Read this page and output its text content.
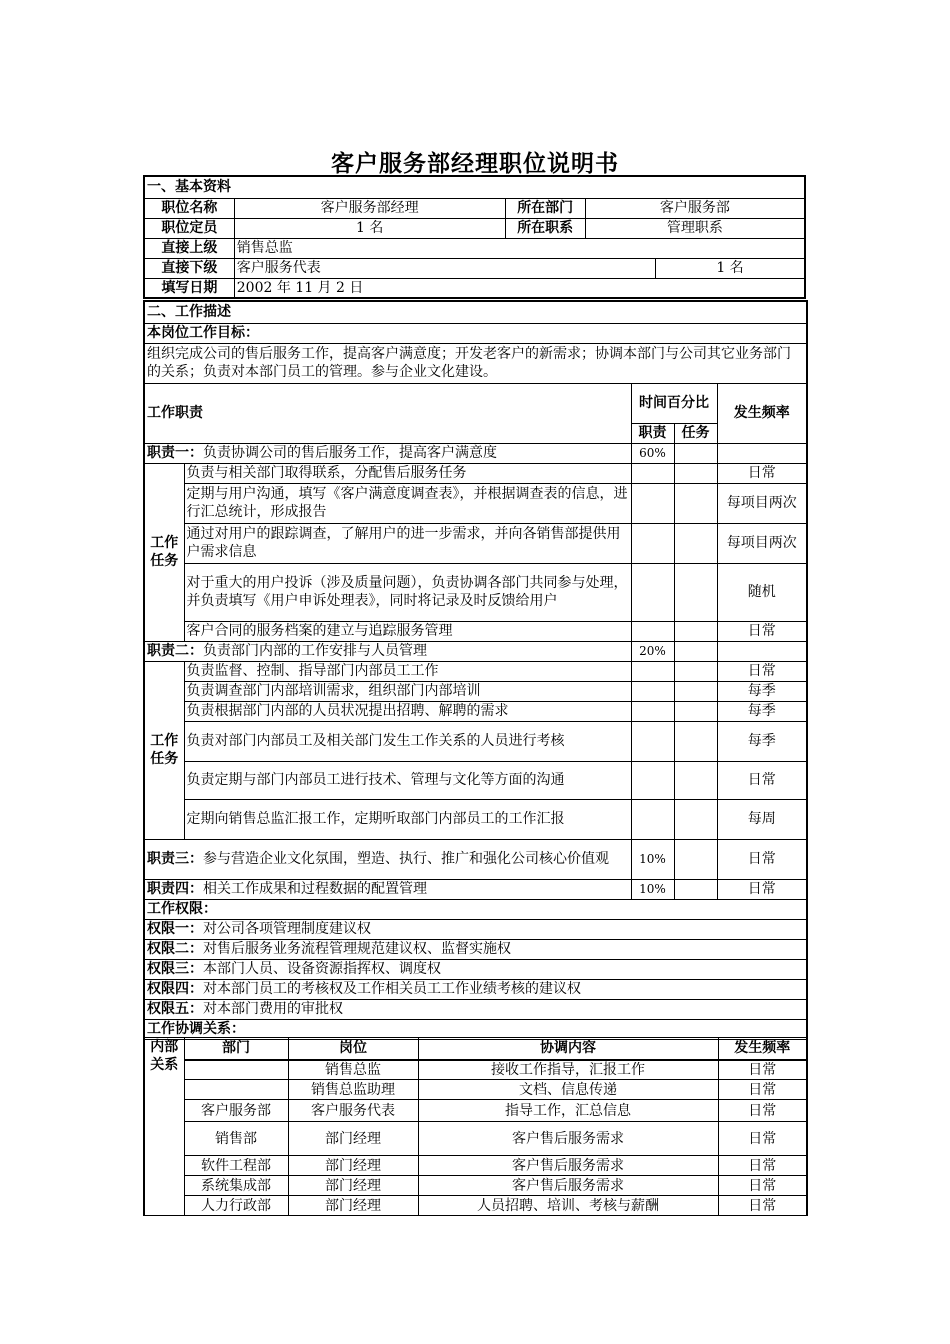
客户服务部经理职位说明书
一、基本资料				
职位名称	客户服务部经理	所在部门	客户服务部	
职位定员	1 名	所在职系	管理职系	
直接上级	销售总监			
直接下级	客户服务代表			1 名
填写日期	2002 年 11 月 2 日			
二、工作描述				
本岗位工作目标：				
组织完成公司的售后服务工作，提高客户满意度；开发老客户的新需求；协调本部门与公司其它业务部门的关系；负责对本部门员工的管理。参与企业文化建设。				
工作职责		时间百分比		发生频率
		职责	任务	
职责一：负责协调公司的售后服务工作，提高客户满意度		60%		
工作任务	负责与相关部门取得联系，分配售后服务任务			日常
	定期与用户沟通，填写《客户满意度调查表》，并根据调查表的信息，进行汇总统计，形成报告			每项目两次
	通过对用户的跟踪调查，了解用户的进一步需求，并向各销售部提供用户需求信息			每项目两次
	对于重大的用户投诉（涉及质量问题），负责协调各部门共同参与处理，并负责填写《用户申诉处理表》，同时将记录及时反馈给用户			随机
	客户合同的服务档案的建立与追踪服务管理			日常
职责二：负责部门内部的工作安排与人员管理		20%		
工作任务	负责监督、控制、指导部门内部员工工作			日常
	负责调查部门内部培训需求，组织部门内部培训			每季
	负责根据部门内部的人员状况提出招聘、解聘的需求			每季
	负责对部门内部员工及相关部门发生工作关系的人员进行考核			每季
	负责定期与部门内部员工进行技术、管理与文化等方面的沟通			日常
	定期向销售总监汇报工作，定期听取部门内部员工的工作汇报			每周
职责三：参与营造企业文化氛围，塑造、执行、推广和强化公司核心价值观		10%		日常
职责四：相关工作成果和过程数据的配置管理		10%		日常
工作权限：				
权限一：对公司各项管理制度建议权				
权限二：对售后服务业务流程管理规范建议权、监督实施权				
权限三：本部门人员、设备资源指挥权、调度权				
权限四：对本部门员工的考核权及工作相关员工工作业绩考核的建议权				
权限五：对本部门费用的审批权				
工作协调关系：				
内部关系	部门	岗位	协调内容	发生频率
		销售总监	接收工作指导，汇报工作	日常
		销售总监助理	文档、信息传递	日常
	客户服务部	客户服务代表	指导工作，汇总信息	日常
	销售部	部门经理	客户售后服务需求	日常
	软件工程部	部门经理	客户售后服务需求	日常
	系统集成部	部门经理	客户售后服务需求	日常
	人力行政部	部门经理	人员招聘、培训、考核与薪酬	日常
